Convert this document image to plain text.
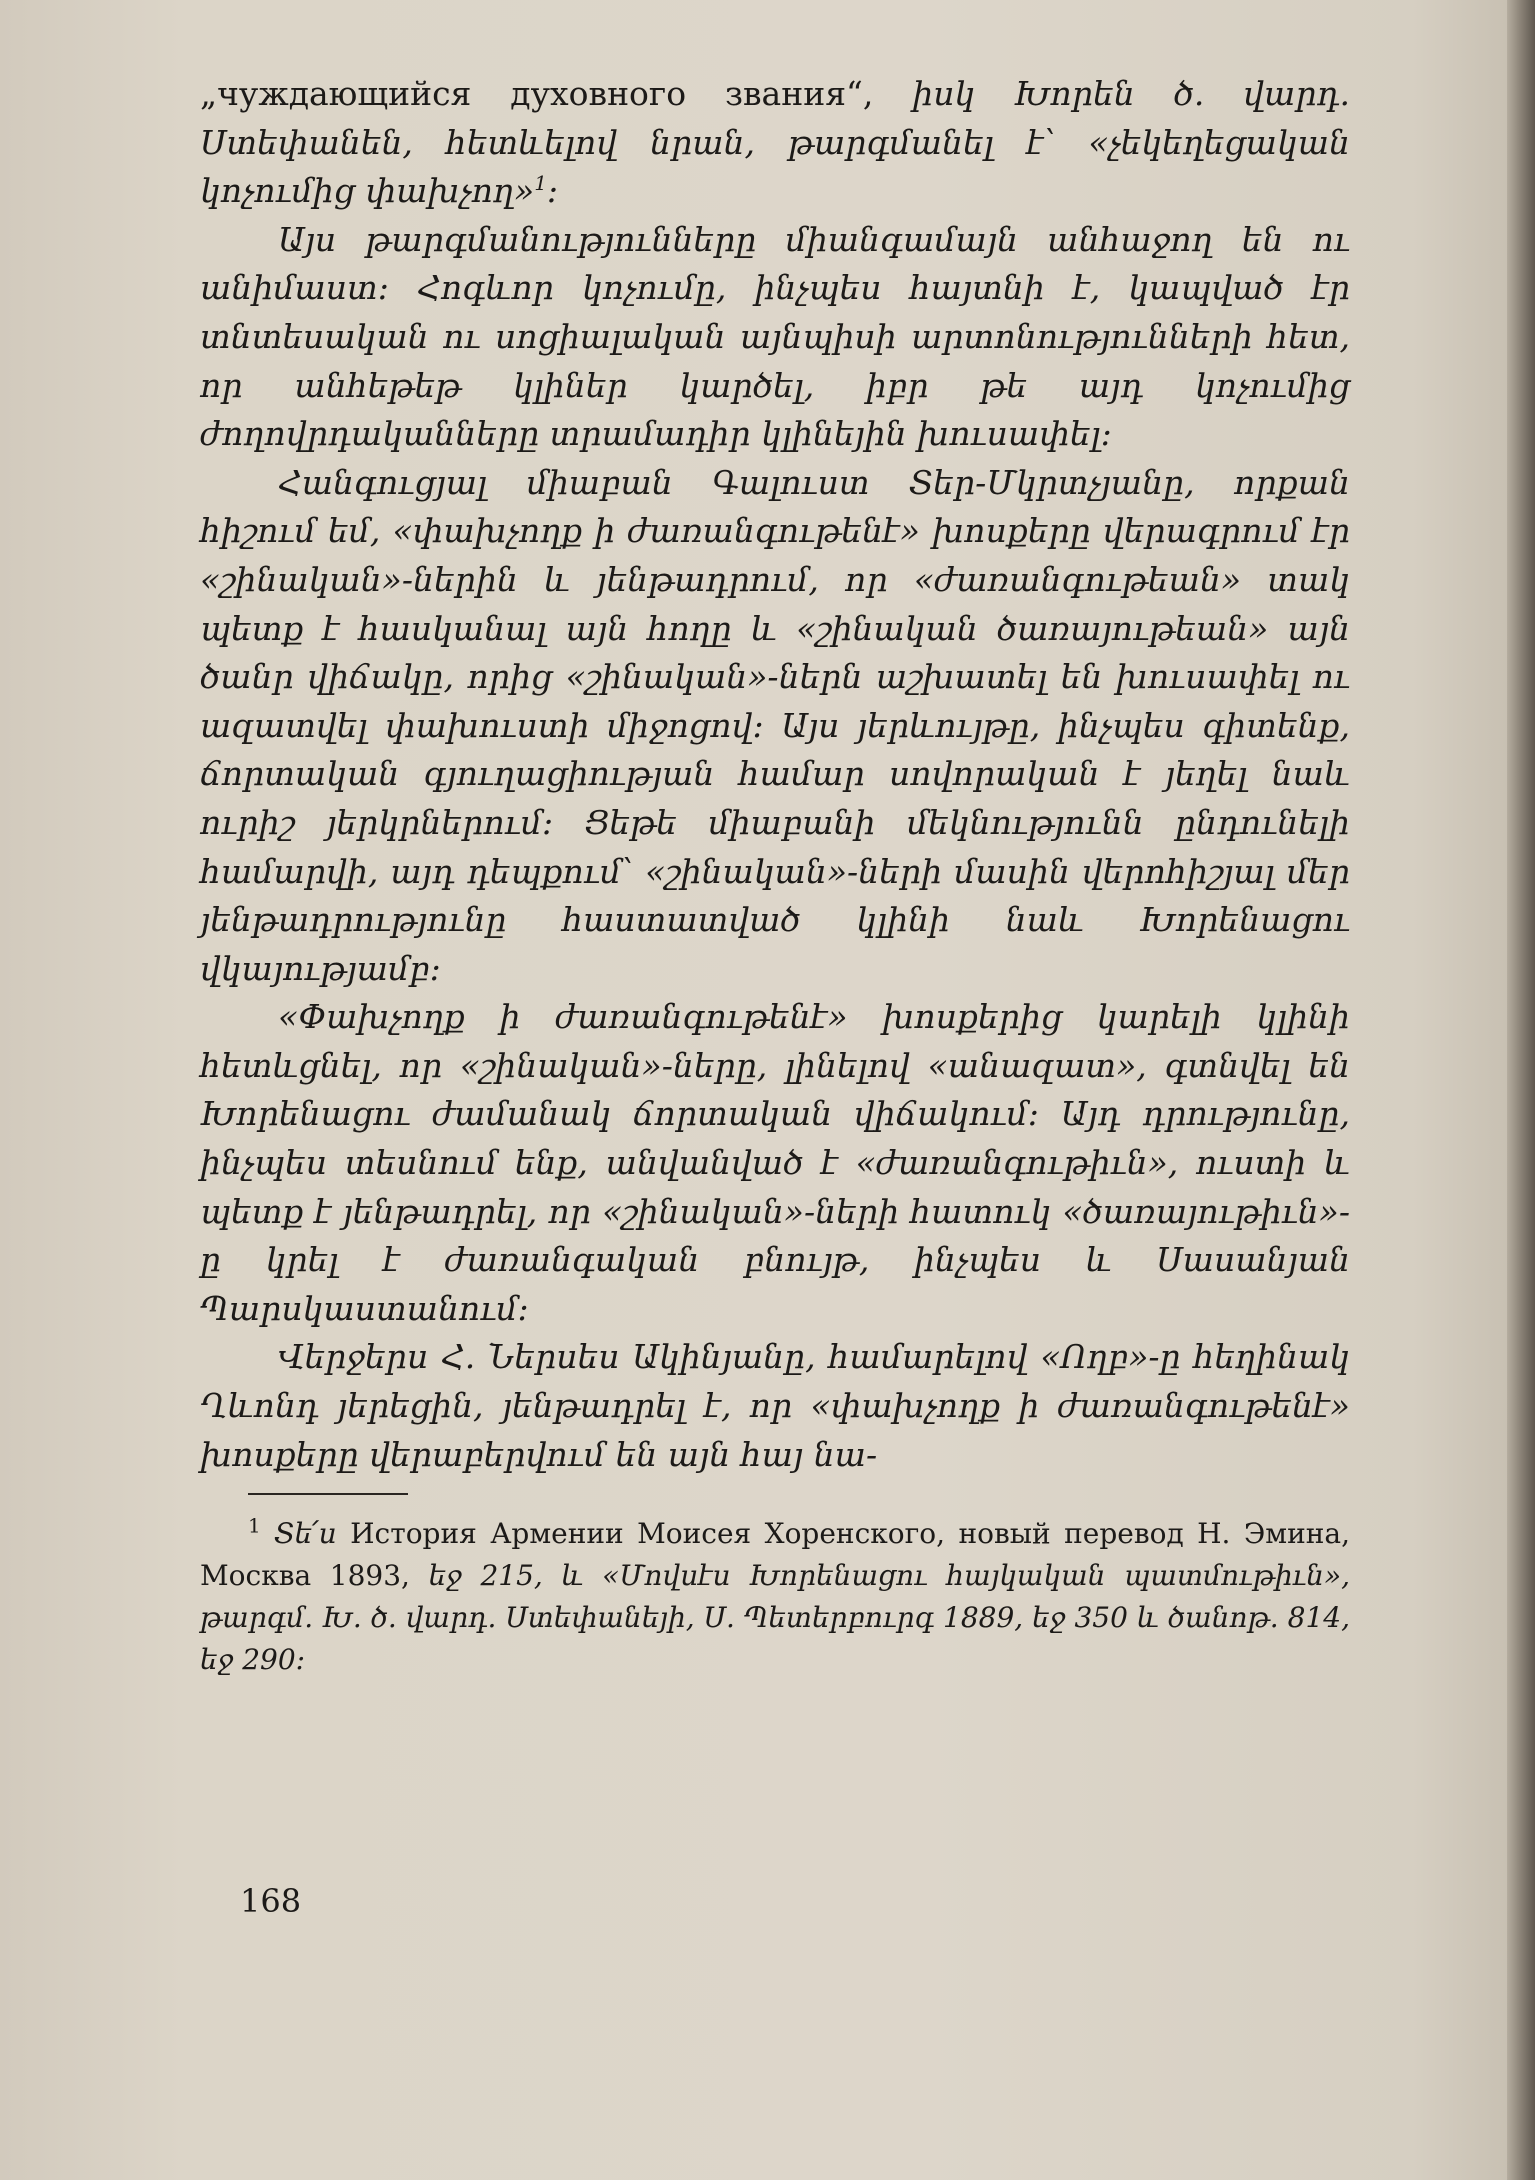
„чуждающийся духовного звания“, իսկ Խորեն ծ. վարդ. Ստեփանեն, հետևելով նրան, թարգմանել է՝ «չեկեղեցական կոչումից փախչող»$^1$։

Այս թարգմանությունները միանգամայն անհաջող են ու անիմաստ։ Հոգևոր կոչումը, ինչպես հայտնի է, կապված էր տնտեսական ու սոցիալական այնպիսի արտոնությունների հետ, որ անհեթեթ կլիներ կարծել, իբր թե այդ կոչումից ժողովրդականները տրամադիր կլինեյին խուսափել։

Հանգուցյալ միաբան Գալուստ Տեր-Մկրտչյանը, որքան հիշում եմ, «փախչողք ի ժառանգութենէ» խոսքերը վերագրում էր «շինական»-ներին և յենթադրում, որ «ժառանգութեան» տակ պետք է հասկանալ այն հողը և «շինական ծառայութեան» այն ծանր վիճակը, որից «շինական»-ներն աշխատել են խուսափել ու ազատվել փախուստի միջոցով։ Այս յերևույթը, ինչպես գիտենք, ճորտական գյուղացիության համար սովորական է յեղել նաև ուրիշ յերկրներում։ Ցեթե միաբանի մեկնությունն ընդունելի համարվի, այդ դեպքում՝ «շինական»-ների մասին վերոհիշյալ մեր յենթադրությունը հաստատված կլինի նաև Խորենացու վկայությամբ։

«Փախչողք ի ժառանգութենէ» խոսքերից կարելի կլինի հետևցնել, որ «շինական»-ները, լինելով «անազատ», գտնվել են Խորենացու ժամանակ ճորտական վիճակում։ Այդ դրությունը, ինչպես տեսնում ենք, անվանված է «ժառանգութիւն», ուստի և պետք է յենթադրել, որ «շինական»-ների հատուկ «ծառայութիւն»-ը կրել է ժառանգական բնույթ, ինչպես և Սասանյան Պարսկաստանում։

Վերջերս Հ. Ներսես Ակինյանը, համարելով «Ողբ»-ը հեղինակ Ղևոնդ յերեցին, յենթադրել է, որ «փախչողք ի ժառանգութենէ» խոսքերը վերաբերվում են այն հայ նա-

$^1$ Տե՛ս История Армении Моисея Хоренского, новый перевод Н. Эмина, Москва 1893, եջ 215, և «Մովսէս Խորենացու հայկական պատմութիւն», թարգմ. Խ. ծ. վարդ. Ստեփանեյի, Ս. Պետերբուրգ 1889, եջ 350 և ծանոթ. 814, եջ 290։

168
